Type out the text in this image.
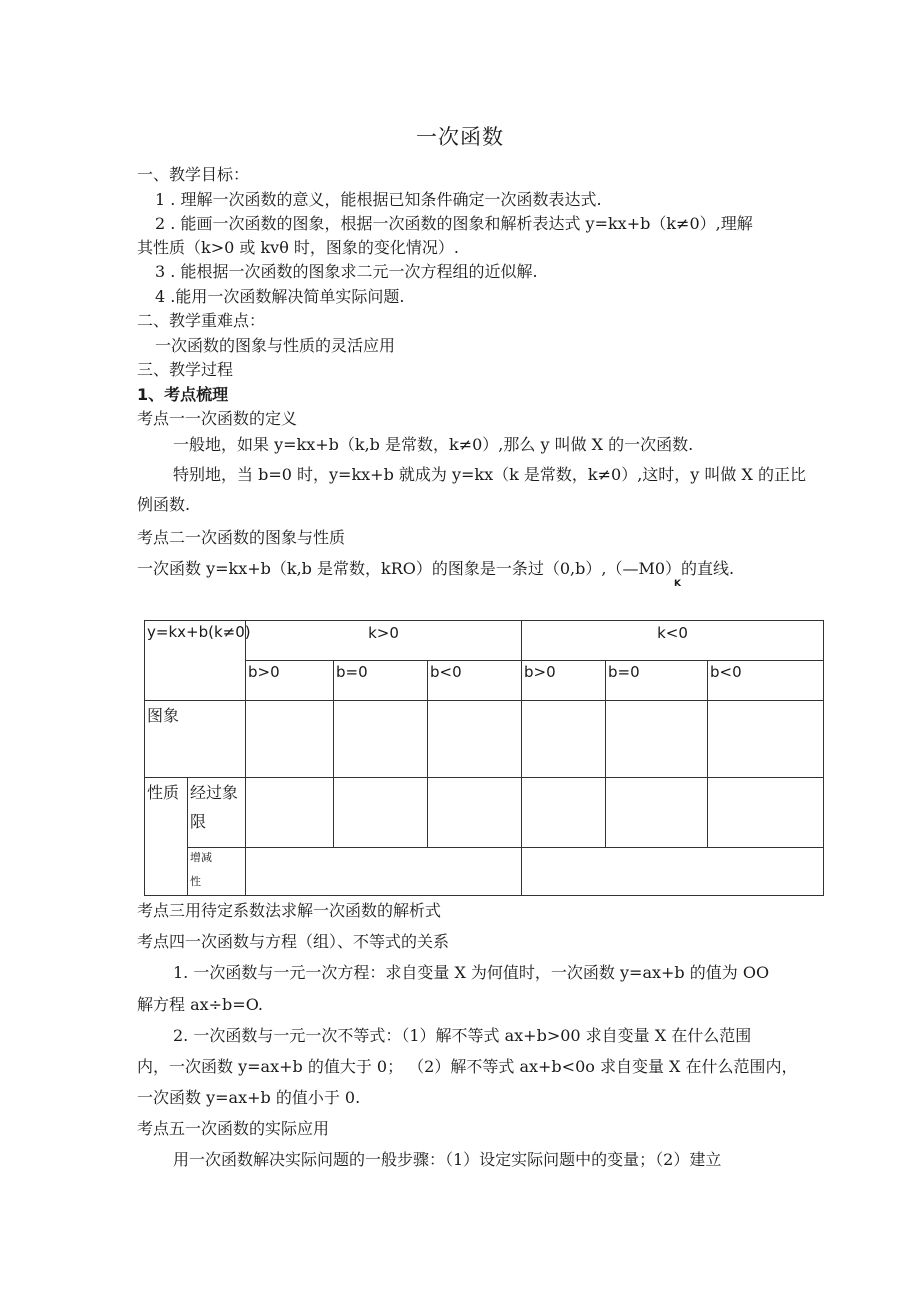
一次函数
一、教学目标：
1 . 理解一次函数的意义，能根据已知条件确定一次函数表达式.
2 . 能画一次函数的图象，根据一次函数的图象和解析表达式 y=kx+b（k≠0）,理解
其性质（k>0 或 kvθ 时，图象的变化情况）.
3 . 能根据一次函数的图象求二元一次方程组的近似解.
4 .能用一次函数解决简单实际问题.
二、教学重难点：
一次函数的图象与性质的灵活应用
三、教学过程
1、考点梳理
考点一一次函数的定义
一般地，如果 y=kx+b（k,b 是常数，k≠0）,那么 y 叫做 X 的一次函数.
特别地，当 b=0 时，y=kx+b 就成为 y=kx（k 是常数，k≠0）,这时，y 叫做 X 的正比
例函数.
考点二一次函数的图象与性质
一次函数 y=kx+b（k,b 是常数，kRO）的图象是一条过（0,b）,（—M0）的直线.
K
y=kx+b(k≠0)		k>0			k<0		
		b>0	b=0	b<0	b>0	b=0	b<0
图象							
性质	经过象
限						

	增减
性						

考点三用待定系数法求解一次函数的解析式
考点四一次函数与方程（组）、不等式的关系
1. 一次函数与一元一次方程：求自变量 X 为何值时，一次函数 y=ax+b 的值为 OO
解方程 ax÷b=O.
2. 一次函数与一元一次不等式：（1）解不等式 ax+b>00 求自变量 X 在什么范围
内，一次函数 y=ax+b 的值大于 0； （2）解不等式 ax+b<0o 求自变量 X 在什么范围内，
一次函数 y=ax+b 的值小于 0.
考点五一次函数的实际应用
用一次函数解决实际问题的一般步骤：（1）设定实际问题中的变量；（2）建立
